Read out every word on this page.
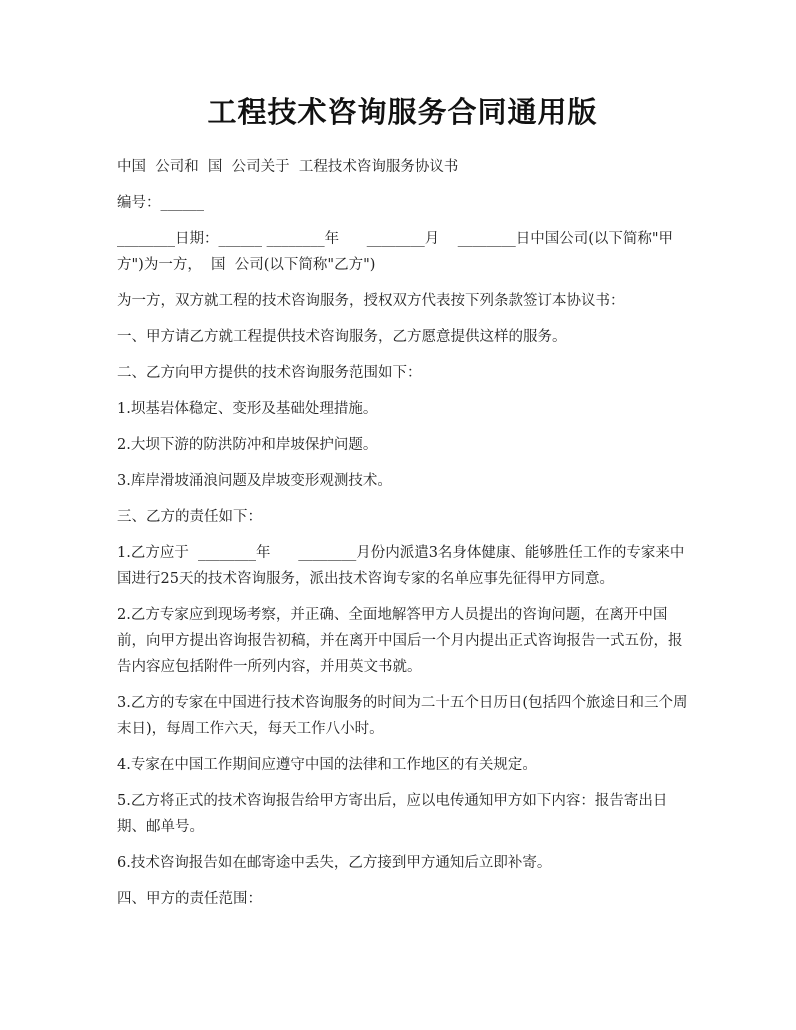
工程技术咨询服务合同通用版

中国  公司和  国  公司关于  工程技术咨询服务协议书

编号：______

________日期：______ ________年      ________月    ________日中国公司(以下简称"甲方")为一方，  国  公司(以下简称"乙方")

为一方，双方就工程的技术咨询服务，授权双方代表按下列条款签订本协议书：

一、甲方请乙方就工程提供技术咨询服务，乙方愿意提供这样的服务。

二、乙方向甲方提供的技术咨询服务范围如下：

1.坝基岩体稳定、变形及基础处理措施。

2.大坝下游的防洪防冲和岸坡保护问题。

3.库岸滑坡涌浪问题及岸坡变形观测技术。

三、乙方的责任如下：

1.乙方应于  ________年      ________月份内派遣3名身体健康、能够胜任工作的专家来中国进行25天的技术咨询服务，派出技术咨询专家的名单应事先征得甲方同意。

2.乙方专家应到现场考察，并正确、全面地解答甲方人员提出的咨询问题，在离开中国前，向甲方提出咨询报告初稿，并在离开中国后一个月内提出正式咨询报告一式五份，报告内容应包括附件一所列内容，并用英文书就。

3.乙方的专家在中国进行技术咨询服务的时间为二十五个日历日(包括四个旅途日和三个周末日)，每周工作六天，每天工作八小时。

4.专家在中国工作期间应遵守中国的法律和工作地区的有关规定。

5.乙方将正式的技术咨询报告给甲方寄出后，应以电传通知甲方如下内容：报告寄出日期、邮单号。

6.技术咨询报告如在邮寄途中丢失，乙方接到甲方通知后立即补寄。

四、甲方的责任范围：
